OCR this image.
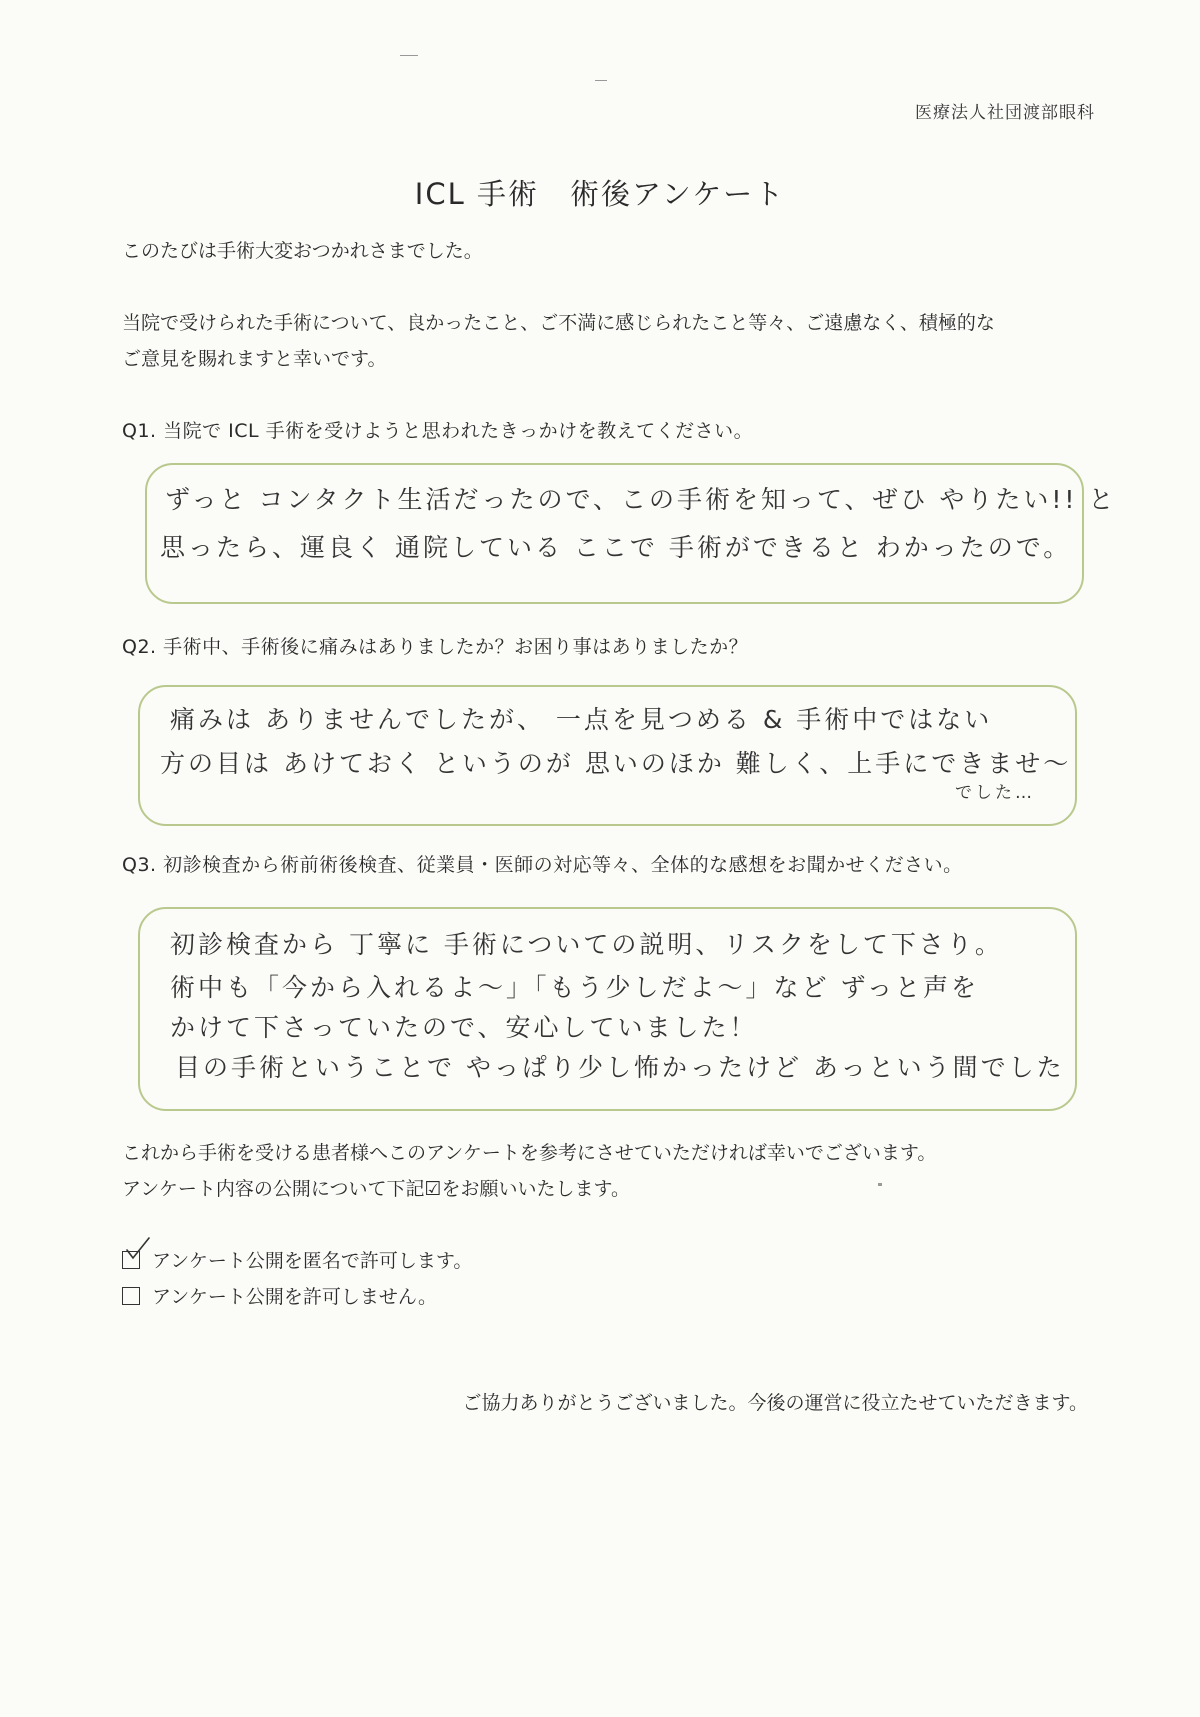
医療法人社団渡部眼科
ICL 手術　術後アンケート
このたびは手術大変おつかれさまでした。
当院で受けられた手術について、良かったこと、ご不満に感じられたこと等々、ご遠慮なく、積極的な
ご意見を賜れますと幸いです。
Q1. 当院で ICL 手術を受けようと思われたきっかけを教えてください。
ずっと コンタクト生活だったので、この手術を知って、ぜひ やりたい!! と
思ったら、運良く 通院している ここで 手術ができると わかったので。
Q2. 手術中、手術後に痛みはありましたか？お困り事はありましたか？
痛みは ありませんでしたが、 一点を見つめる & 手術中ではない
方の目は あけておく というのが 思いのほか 難しく、上手にできませ〜
でした…
Q3. 初診検査から術前術後検査、従業員・医師の対応等々、全体的な感想をお聞かせください。
初診検査から 丁寧に 手術についての説明、リスクをして下さり。
術中も「今から入れるよ〜」「もう少しだよ〜」など ずっと声を
かけて下さっていたので、安心していました！
目の手術ということで やっぱり少し怖かったけど あっという間でした
これから手術を受ける患者様へこのアンケートを参考にさせていただければ幸いでございます。
アンケート内容の公開について下記☑をお願いいたします。
アンケート公開を匿名で許可します。
アンケート公開を許可しません。
ご協力ありがとうございました。今後の運営に役立たせていただきます。
